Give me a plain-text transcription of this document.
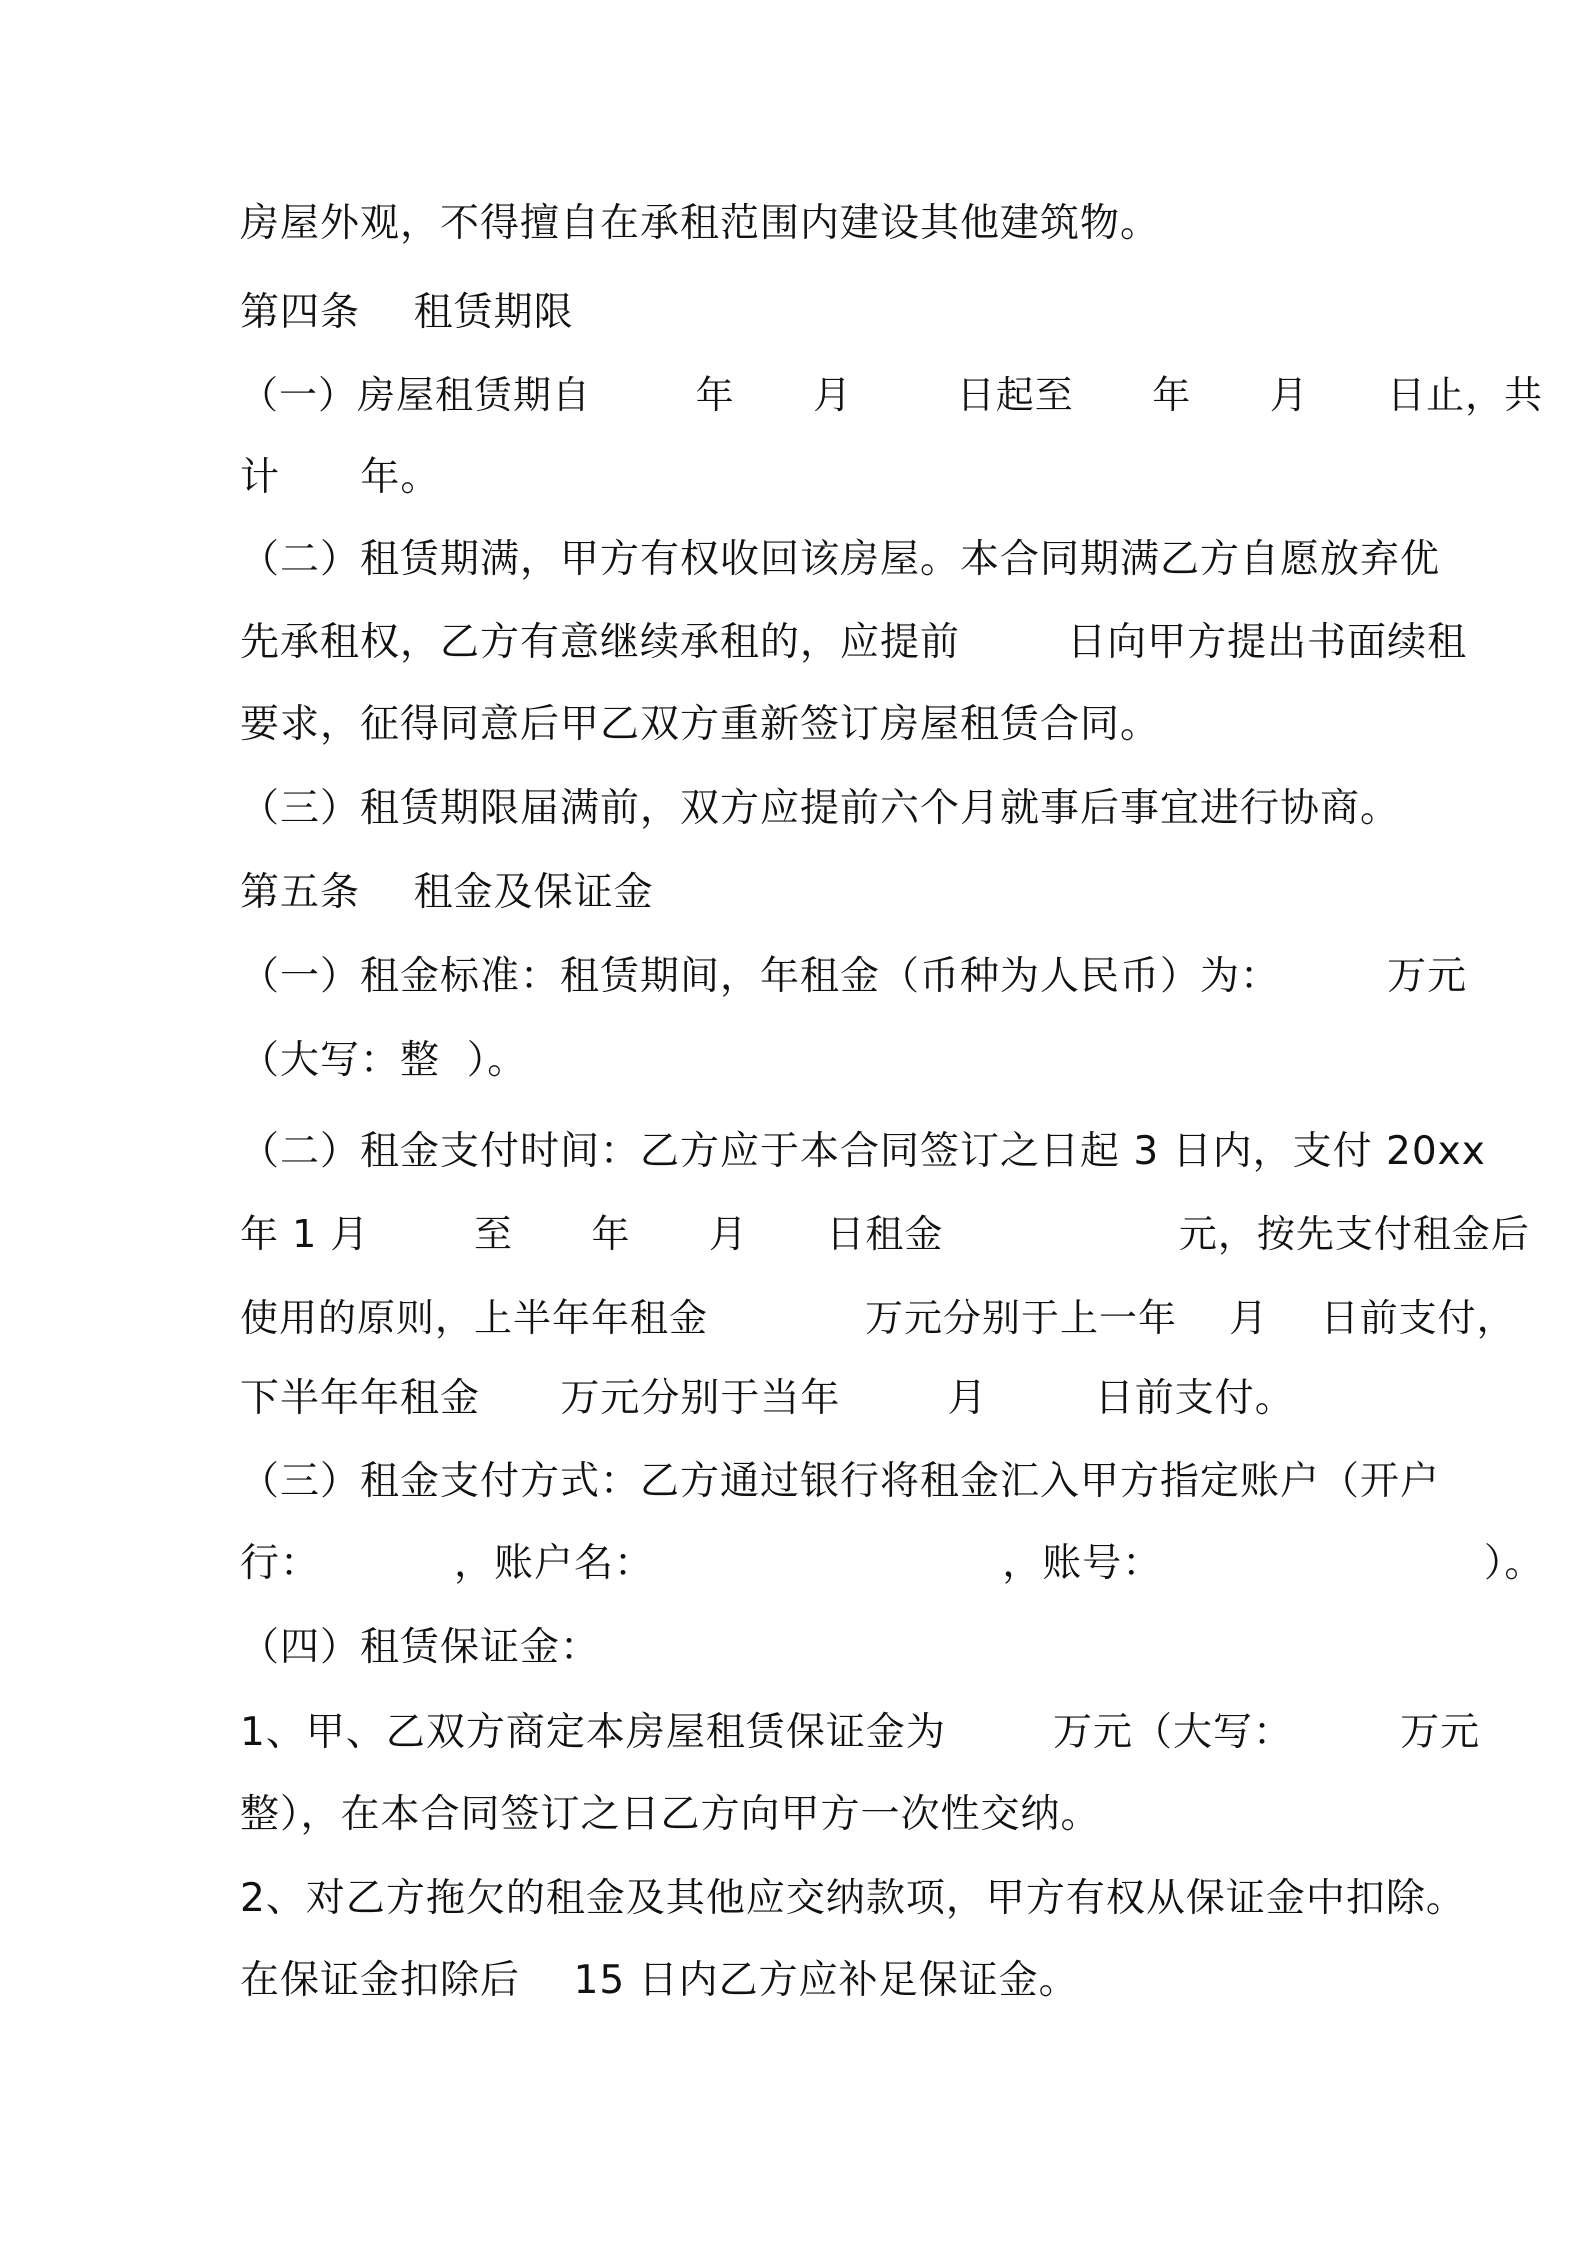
房屋外观，不得擅自在承租范围内建设其他建筑物。
第四条    租赁期限
（一）房屋租赁期自        年      月        日起至      年      月      日止，共
计      年。
（二）租赁期满，甲方有权收回该房屋。本合同期满乙方自愿放弃优
先承租权，乙方有意继续承租的，应提前        日向甲方提出书面续租
要求，征得同意后甲乙双方重新签订房屋租赁合同。
（三）租赁期限届满前，双方应提前六个月就事后事宜进行协商。
第五条    租金及保证金
（一）租金标准：租赁期间，年租金（币种为人民币）为：        万元
（大写：整  ）。
（二）租金支付时间：乙方应于本合同签订之日起 3 日内，支付 20xx
年 1 月        至      年      月      日租金                  元，按先支付租金后
使用的原则，上半年年租金            万元分别于上一年    月    日前支付，
下半年年租金      万元分别于当年        月        日前支付。
（三）租金支付方式：乙方通过银行将租金汇入甲方指定账户（开户
行：          ，账户名：                          ，账号：                        ）。
（四）租赁保证金：
1、甲、乙双方商定本房屋租赁保证金为        万元（大写：        万元
整），在本合同签订之日乙方向甲方一次性交纳。
2、对乙方拖欠的租金及其他应交纳款项，甲方有权从保证金中扣除。
在保证金扣除后    15 日内乙方应补足保证金。
